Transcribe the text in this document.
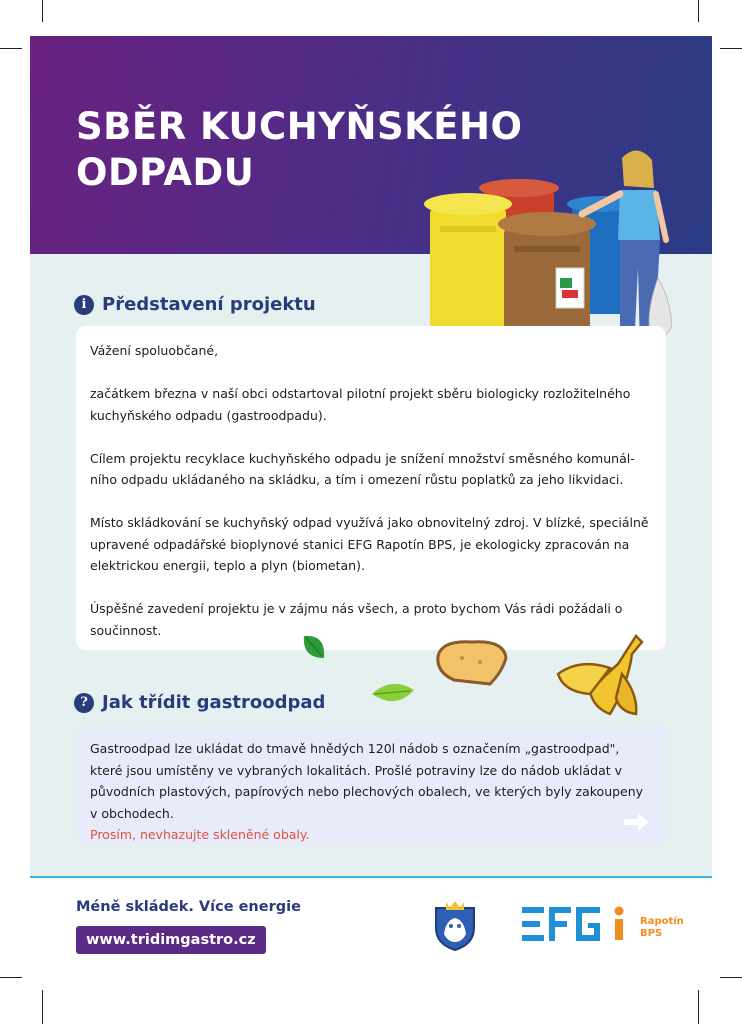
SBĚR KUCHYŇSKÉHO
ODPADU
i Představení projektu

Vážení spoluobčané,

začátkem března v naší obci odstartoval pilotní projekt sběru biologicky rozložitelného kuchyňského odpadu (gastroodpadu).

Cílem projektu recyklace kuchyňského odpadu je snížení množství směsného komunál-ního odpadu ukládaného na skládku, a tím i omezení růstu poplatků za jeho likvidaci.

Místo skládkování se kuchyňský odpad využívá jako obnovitelný zdroj. V blízké, speciálně upravené odpadářské bioplynové stanici EFG Rapotín BPS, je ekologicky zpracován na elektrickou energii, teplo a plyn (biometan).

Úspěšné zavedení projektu je v zájmu nás všech, a proto bychom Vás rádi požádali o součinnost.

? Jak třídit gastroodpad

Gastroodpad lze ukládat do tmavě hnědých 120l nádob s označením „gastroodpad", které jsou umístěny ve vybraných lokalitách. Prošlé potraviny lze do nádob ukládat v původních plastových, papírových nebo plechových obalech, ve kterých byly zakoupeny v obchodech.
Prosím, nevhazujte skleněné obaly.

Méně skládek. Více energie
www.tridimgastro.cz
Rapotín
BPS
